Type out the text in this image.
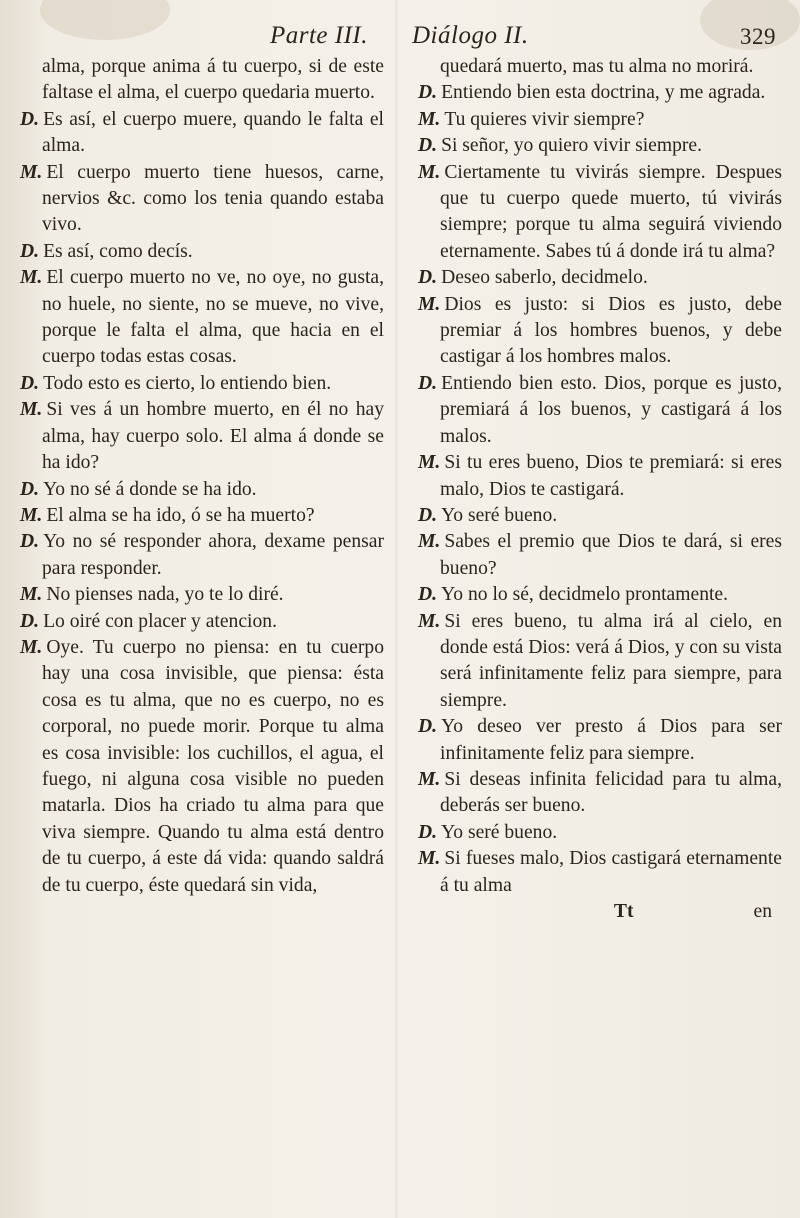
Parte III.

alma, porque anima á tu cuerpo, si de este faltase el alma, el cuerpo quedaria muerto.

D. Es así, el cuerpo muere, quando le falta el alma.

M. El cuerpo muerto tiene huesos, carne, nervios &c. como los tenia quando estaba vivo.

D. Es así, como decís.

M. El cuerpo muerto no ve, no oye, no gusta, no huele, no siente, no se mueve, no vive, porque le falta el alma, que hacia en el cuerpo todas estas cosas.

D. Todo esto es cierto, lo entiendo bien.

M. Si ves á un hombre muerto, en él no hay alma, hay cuerpo solo. El alma á donde se ha ido?

D. Yo no sé á donde se ha ido.

M. El alma se ha ido, ó se ha muerto?

D. Yo no sé responder ahora, dexame pensar para responder.

M. No pienses nada, yo te lo diré.

D. Lo oiré con placer y atencion.

M. Oye. Tu cuerpo no piensa: en tu cuerpo hay una cosa invisible, que piensa: ésta cosa es tu alma, que no es cuerpo, no es corporal, no puede morir. Porque tu alma es cosa invisible: los cuchillos, el agua, el fuego, ni alguna cosa visible no pueden matarla. Dios ha criado tu alma para que viva siempre. Quando tu alma está dentro de tu cuerpo, á este dá vida: quando saldrá de tu cuerpo, éste quedará sin vida,

Diálogo II.	329

quedará muerto, mas tu alma no morirá.

D. Entiendo bien esta doctrina, y me agrada.

M. Tu quieres vivir siempre?

D. Si señor, yo quiero vivir siempre.

M. Ciertamente tu vivirás siempre. Despues que tu cuerpo quede muerto, tú vivirás siempre; porque tu alma seguirá viviendo eternamente. Sabes tú á donde irá tu alma?

D. Deseo saberlo, decidmelo.

M. Dios es justo: si Dios es justo, debe premiar á los hombres buenos, y debe castigar á los hombres malos.

D. Entiendo bien esto. Dios, porque es justo, premiará á los buenos, y castigará á los malos.

M. Si tu eres bueno, Dios te premiará: si eres malo, Dios te castigará.

D. Yo seré bueno.

M. Sabes el premio que Dios te dará, si eres bueno?

D. Yo no lo sé, decidmelo prontamente.

M. Si eres bueno, tu alma irá al cielo, en donde está Dios: verá á Dios, y con su vista será infinitamente feliz para siempre, para siempre.

D. Yo deseo ver presto á Dios para ser infinitamente feliz para siempre.

M. Si deseas infinita felicidad para tu alma, deberás ser bueno.

D. Yo seré bueno.

M. Si fueses malo, Dios castigará eternamente á tu alma

Tt	en
